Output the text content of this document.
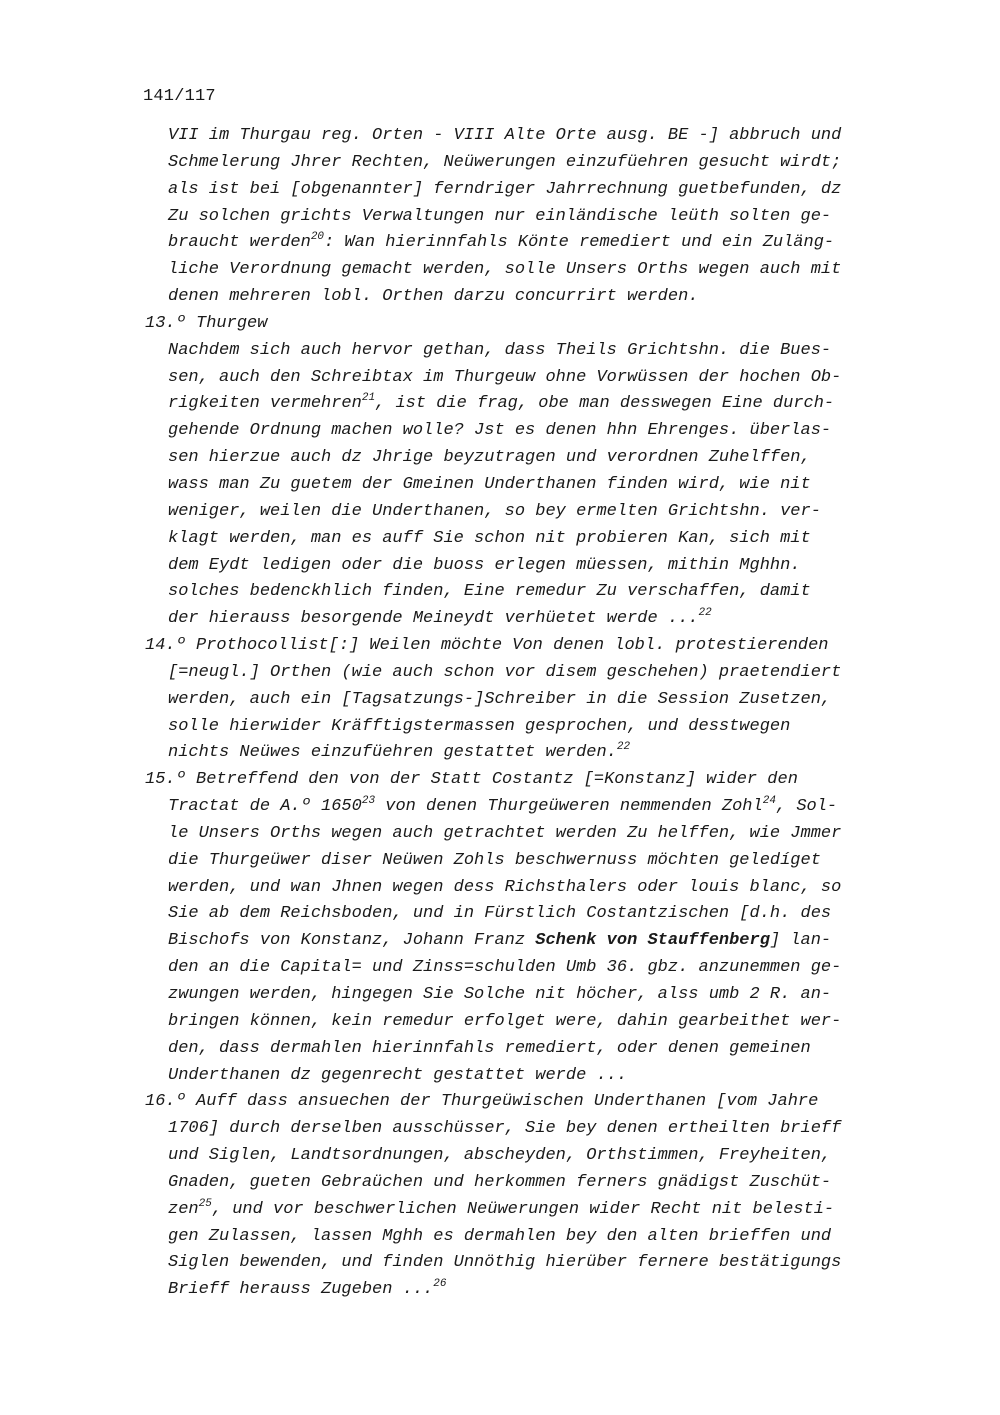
141/117
VII im Thurgau reg. Orten - VIII Alte Orte ausg. BE -] abbruch und
Schmelerung Jhrer Rechten, Neüwerungen einzufüehren gesucht wirdt;
als ist bei [obgenannter] ferndriger Jahrrechnung guetbefunden, dz
Zu solchen grichts Verwaltungen nur einländische leüth solten ge-
braucht werden$^{20}$: Wan hierinnfahls Könte remediert und ein Zuläng-
liche Verordnung gemacht werden, solle Unsers Orths wegen auch mit
denen mehreren lobl. Orthen darzu concurrirt werden.
13.º Thurgew
Nachdem sich auch hervor gethan, dass Theils Grichtshn. die Bues-
sen, auch den Schreibtax im Thurgeuw ohne Vorwüssen der hochen Ob-
rigkeiten vermehren$^{21}$, ist die frag, obe man desswegen Eine durch-
gehende Ordnung machen wolle? Jst es denen hhn Ehrenges. überlas-
sen hierzue auch dz Jhrige beyzutragen und verordnen Zuhelffen,
wass man Zu guetem der Gmeinen Underthanen finden wird, wie nit
weniger, weilen die Underthanen, so bey ermelten Grichtshn. ver-
klagt werden, man es auff Sie schon nit probieren Kan, sich mit
dem Eydt ledigen oder die buoss erlegen müessen, mithin Mghhn.
solches bedenckhlich finden, Eine remedur Zu verschaffen, damit
der hierauss besorgende Meineydt verhüetet werde ...$^{22}$
14.º Prothocollist[:] Weilen möchte Von denen lobl. protestierenden
[=neugl.] Orthen (wie auch schon vor disem geschehen) praetendiert
werden, auch ein [Tagsatzungs-]Schreiber in die Session Zusetzen,
solle hierwider Kräfftigstermassen gesprochen, und desstwegen
nichts Neüwes einzufüehren gestattet werden.$^{22}$
15.º Betreffend den von der Statt Costantz [=Konstanz] wider den
Tractat de A.º 1650$^{23}$ von denen Thurgeüweren nemmenden Zohl$^{24}$, Sol-
le Unsers Orths wegen auch getrachtet werden Zu helffen, wie Jmmer
die Thurgeüwer diser Neüwen Zohls beschwernuss möchten geledíget
werden, und wan Jhnen wegen dess Richsthalers oder louis blanc, so
Sie ab dem Reichsboden, und in Fürstlich Costantzischen [d.h. des
Bischofs von Konstanz, Johann Franz Schenk von Stauffenberg] lan-
den an die Capital= und Zinss=schulden Umb 36. gbz. anzunemmen ge-
zwungen werden, hingegen Sie Solche nit höcher, alss umb 2 R. an-
bringen können, kein remedur erfolget were, dahin gearbeithet wer-
den, dass dermahlen hierinnfahls remediert, oder denen gemeinen
Underthanen dz gegenrecht gestattet werde ...
16.º Auff dass ansuechen der Thurgeüwischen Underthanen [vom Jahre
1706] durch derselben ausschüsser, Sie bey denen ertheilten brieff
und Siglen, Landtsordnungen, abscheyden, Orthstimmen, Freyheiten,
Gnaden, gueten Gebraüchen und herkommen ferners gnädigst Zuschüt-
zen$^{25}$, und vor beschwerlichen Neüwerungen wider Recht nit belesti-
gen Zulassen, lassen Mghh es dermahlen bey den alten brieffen und
Siglen bewenden, und finden Unnöthig hierüber fernere bestätigungs
Brieff herauss Zugeben ...$^{26}$
